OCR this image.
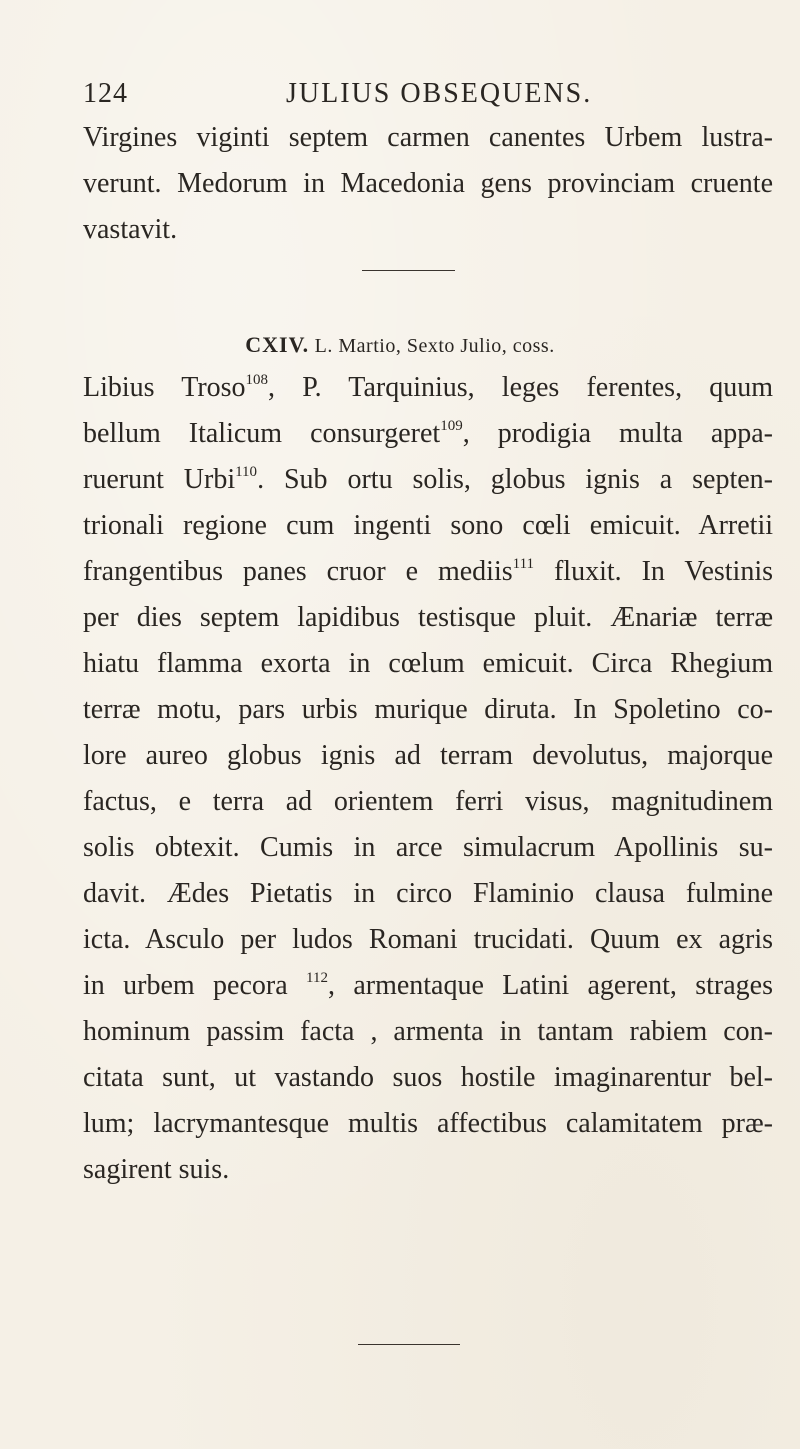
124	JULIUS OBSEQUENS.
Virgines viginti septem carmen canentes Urbem lustra-
verunt. Medorum in Macedonia gens provinciam cruente
vastavit.
CXIV. L. Martio, Sexto Julio, coss.
Libius Troso$^{108}$, P. Tarquinius, leges ferentes, quum
bellum Italicum consurgeret$^{109}$, prodigia multa appa-
ruerunt Urbi$^{110}$. Sub ortu solis, globus ignis a septen-
trionali regione cum ingenti sono cœli emicuit. Arretii
frangentibus panes cruor e mediis$^{111}$ fluxit. In Vestinis
per dies septem lapidibus testisque pluit. Ænariæ terræ
hiatu flamma exorta in cœlum emicuit. Circa Rhegium
terræ motu, pars urbis murique diruta. In Spoletino co-
lore aureo globus ignis ad terram devolutus, majorque
factus, e terra ad orientem ferri visus, magnitudinem
solis obtexit. Cumis in arce simulacrum Apollinis su-
davit. Ædes Pietatis in circo Flaminio clausa fulmine
icta. Asculo per ludos Romani trucidati. Quum ex agris
in urbem pecora $^{112}$, armentaque Latini agerent, strages
hominum passim facta , armenta in tantam rabiem con-
citata sunt, ut vastando suos hostile imaginarentur bel-
lum; lacrymantesque multis affectibus calamitatem præ-
sagirent suis.
